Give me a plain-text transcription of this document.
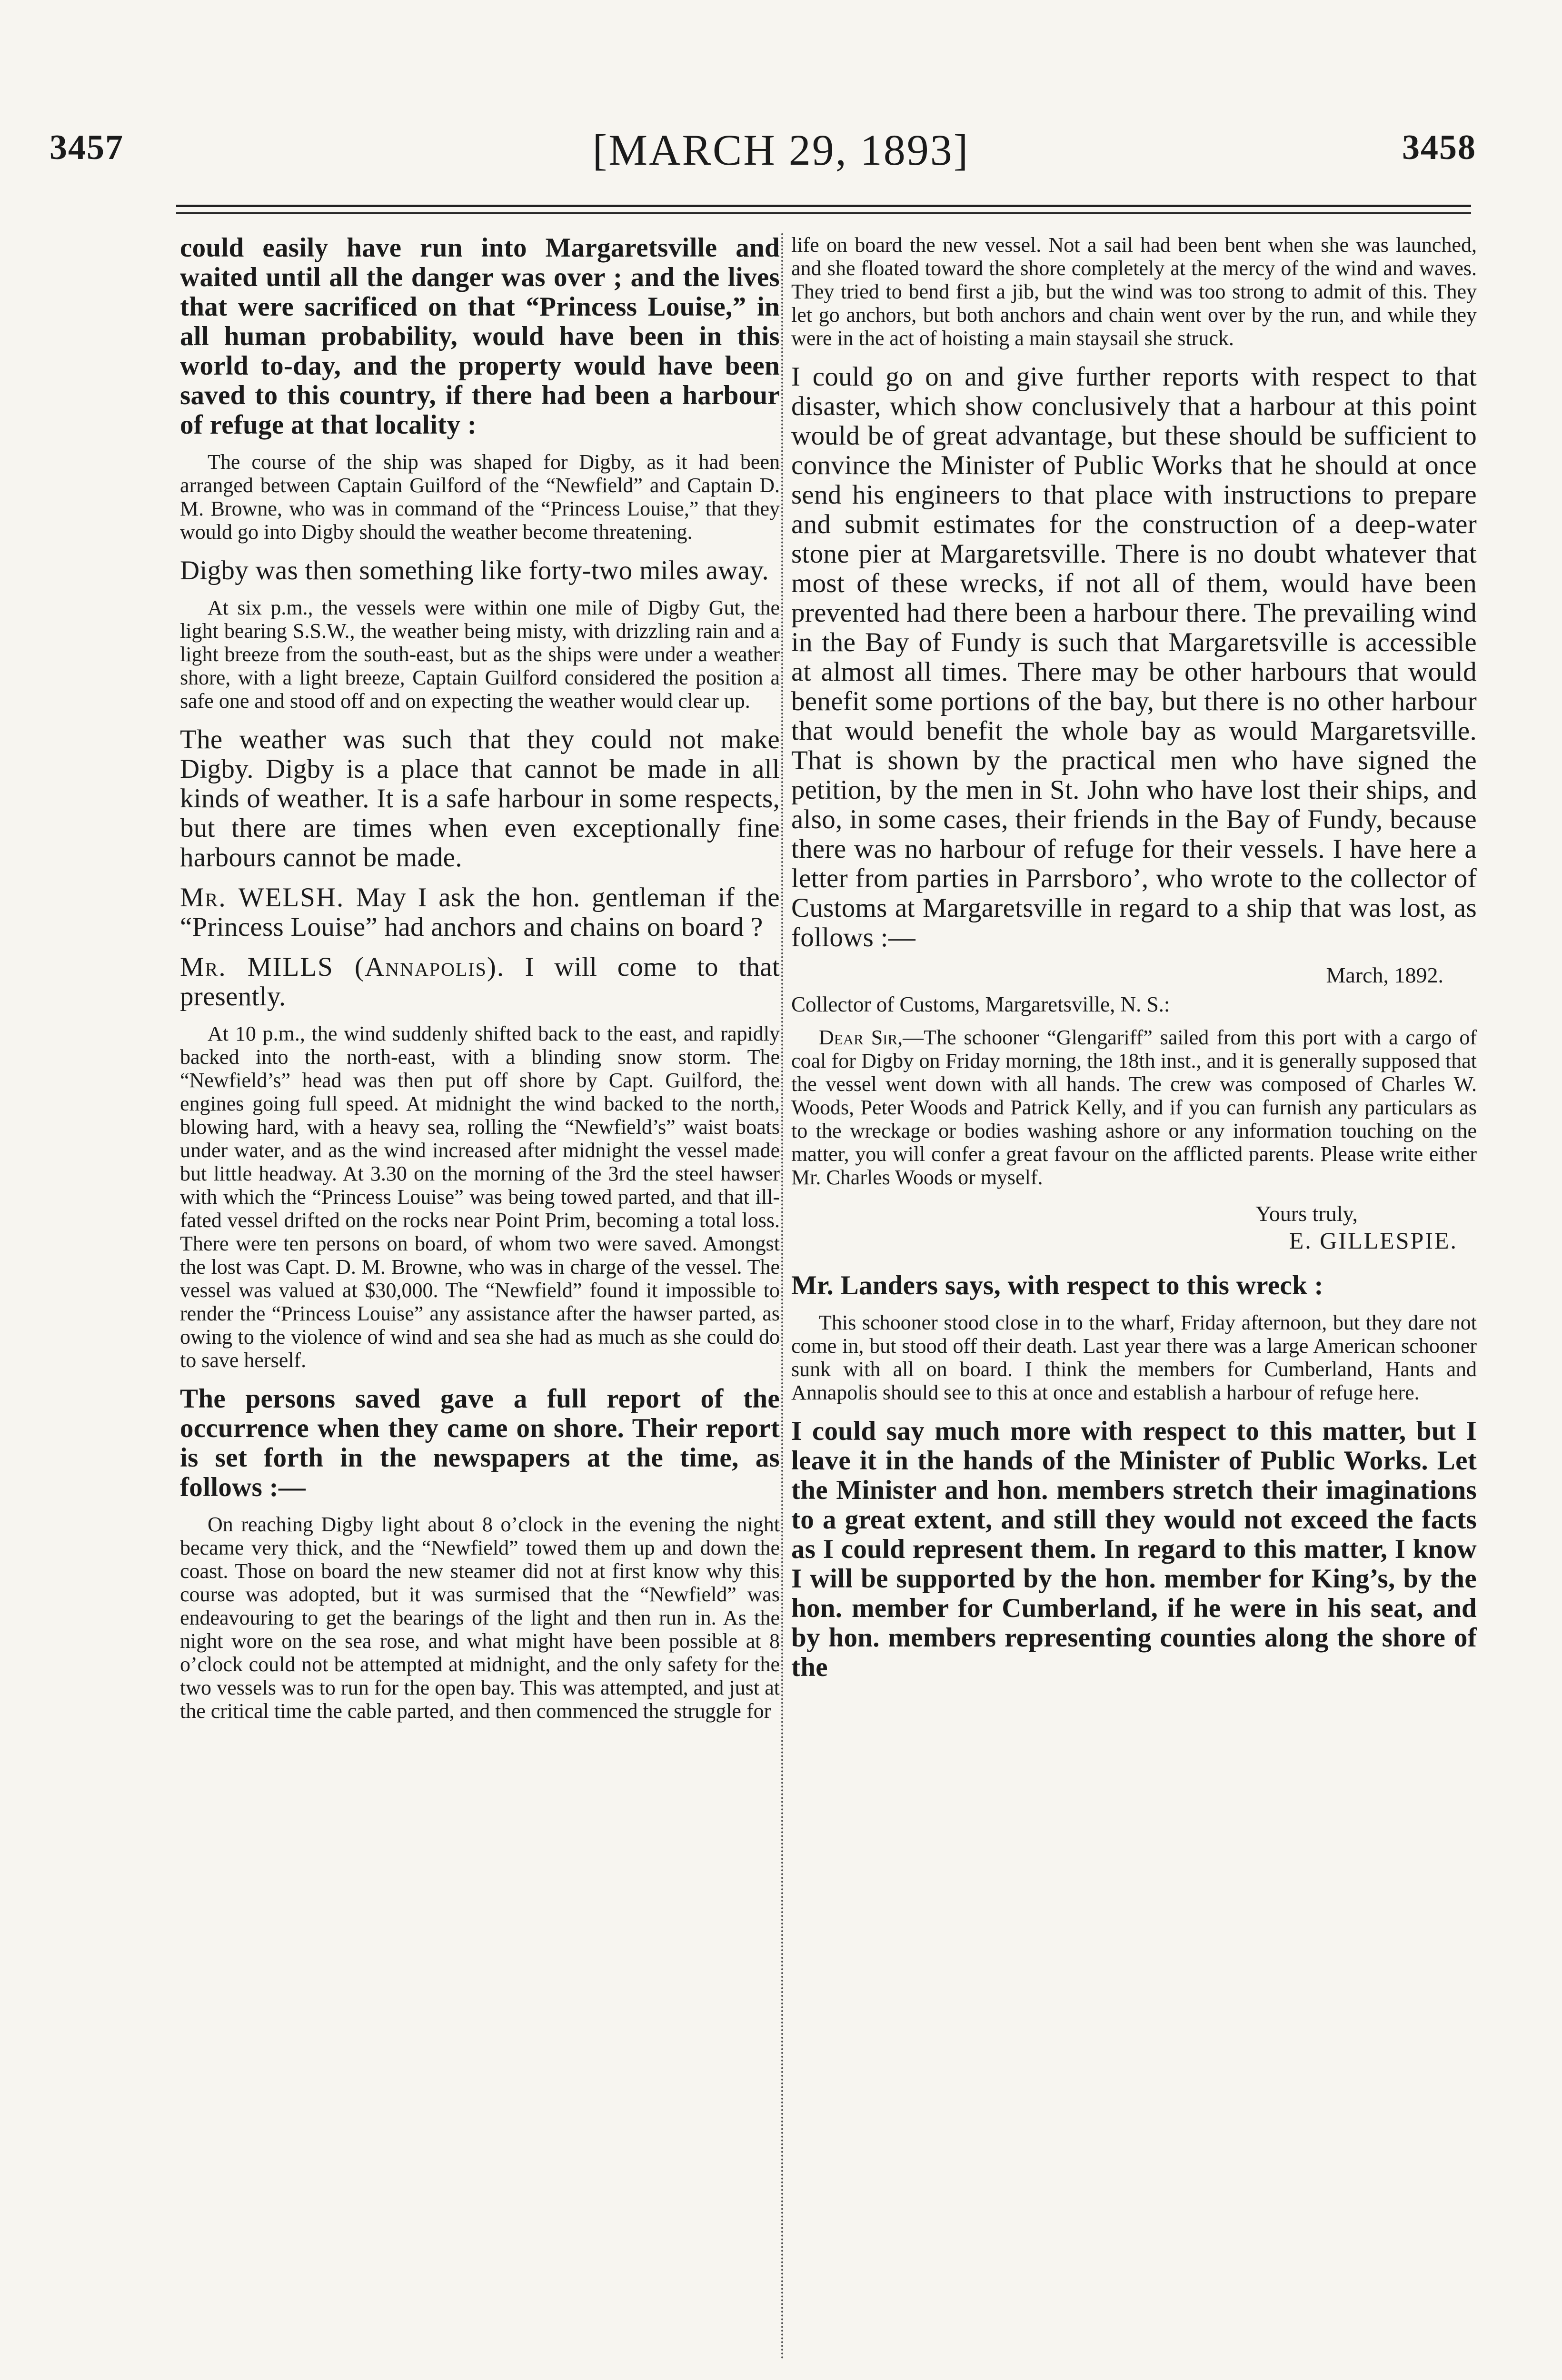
3457	[MARCH 29, 1893]	3458

could easily have run into Margaretsville and waited until all the danger was over ; and the lives that were sacrificed on that “Princess Louise,” in all human probability, would have been in this world to-day, and the property would have been saved to this country, if there had been a harbour of refuge at that locality :

The course of the ship was shaped for Digby, as it had been arranged between Captain Guilford of the “Newfield” and Captain D. M. Browne, who was in command of the “Princess Louise,” that they would go into Digby should the weather become threatening.

Digby was then something like forty-two miles away.

At six p.m., the vessels were within one mile of Digby Gut, the light bearing S.S.W., the weather being misty, with drizzling rain and a light breeze from the south-east, but as the ships were under a weather shore, with a light breeze, Captain Guilford considered the position a safe one and stood off and on expecting the weather would clear up.

The weather was such that they could not make Digby. Digby is a place that cannot be made in all kinds of weather. It is a safe harbour in some respects, but there are times when even exceptionally fine harbours cannot be made.

Mr. WELSH. May I ask the hon. gentleman if the “Princess Louise” had anchors and chains on board ?

Mr. MILLS (Annapolis). I will come to that presently.

At 10 p.m., the wind suddenly shifted back to the east, and rapidly backed into the north-east, with a blinding snow storm. The “Newfield’s” head was then put off shore by Capt. Guilford, the engines going full speed. At midnight the wind backed to the north, blowing hard, with a heavy sea, rolling the “Newfield’s” waist boats under water, and as the wind increased after midnight the vessel made but little headway. At 3.30 on the morning of the 3rd the steel hawser with which the “Princess Louise” was being towed parted, and that ill-fated vessel drifted on the rocks near Point Prim, becoming a total loss. There were ten persons on board, of whom two were saved. Amongst the lost was Capt. D. M. Browne, who was in charge of the vessel. The vessel was valued at $30,000. The “Newfield” found it impossible to render the “Princess Louise” any assistance after the hawser parted, as owing to the violence of wind and sea she had as much as she could do to save herself.

The persons saved gave a full report of the occurrence when they came on shore. Their report is set forth in the newspapers at the time, as follows :—

On reaching Digby light about 8 o’clock in the evening the night became very thick, and the “Newfield” towed them up and down the coast. Those on board the new steamer did not at first know why this course was adopted, but it was surmised that the “Newfield” was endeavouring to get the bearings of the light and then run in. As the night wore on the sea rose, and what might have been possible at 8 o’clock could not be attempted at midnight, and the only safety for the two vessels was to run for the open bay. This was attempted, and just at the critical time the cable parted, and then commenced the struggle for

life on board the new vessel. Not a sail had been bent when she was launched, and she floated toward the shore completely at the mercy of the wind and waves. They tried to bend first a jib, but the wind was too strong to admit of this. They let go anchors, but both anchors and chain went over by the run, and while they were in the act of hoisting a main staysail she struck.

I could go on and give further reports with respect to that disaster, which show conclusively that a harbour at this point would be of great advantage, but these should be sufficient to convince the Minister of Public Works that he should at once send his engineers to that place with instructions to prepare and submit estimates for the construction of a deep-water stone pier at Margaretsville. There is no doubt whatever that most of these wrecks, if not all of them, would have been prevented had there been a harbour there. The prevailing wind in the Bay of Fundy is such that Margaretsville is accessible at almost all times. There may be other harbours that would benefit some portions of the bay, but there is no other harbour that would benefit the whole bay as would Margaretsville. That is shown by the practical men who have signed the petition, by the men in St. John who have lost their ships, and also, in some cases, their friends in the Bay of Fundy, because there was no harbour of refuge for their vessels. I have here a letter from parties in Parrsboro’, who wrote to the collector of Customs at Margaretsville in regard to a ship that was lost, as follows :—

March, 1892.

Collector of Customs, Margaretsville, N. S.:

Dear Sir,—The schooner “Glengariff” sailed from this port with a cargo of coal for Digby on Friday morning, the 18th inst., and it is generally supposed that the vessel went down with all hands. The crew was composed of Charles W. Woods, Peter Woods and Patrick Kelly, and if you can furnish any particulars as to the wreckage or bodies washing ashore or any information touching on the matter, you will confer a great favour on the afflicted parents. Please write either Mr. Charles Woods or myself.

Yours truly,

E. GILLESPIE.

Mr. Landers says, with respect to this wreck :

This schooner stood close in to the wharf, Friday afternoon, but they dare not come in, but stood off their death. Last year there was a large American schooner sunk with all on board. I think the members for Cumberland, Hants and Annapolis should see to this at once and establish a harbour of refuge here.

I could say much more with respect to this matter, but I leave it in the hands of the Minister of Public Works. Let the Minister and hon. members stretch their imaginations to a great extent, and still they would not exceed the facts as I could represent them. In regard to this matter, I know I will be supported by the hon. member for King’s, by the hon. member for Cumberland, if he were in his seat, and by hon. members representing counties along the shore of the
